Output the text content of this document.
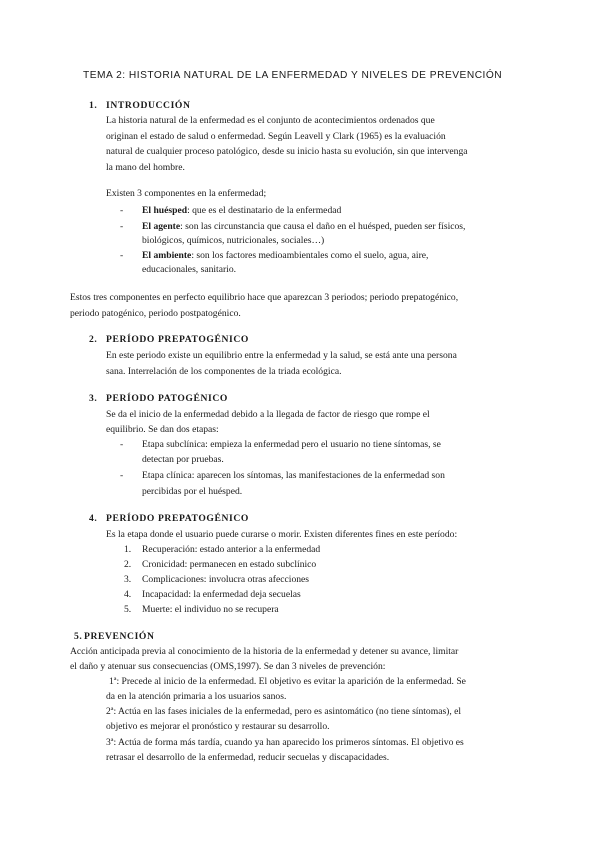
TEMA 2: HISTORIA NATURAL DE LA ENFERMEDAD Y NIVELES DE PREVENCIÓN
1. INTRODUCCIÓN
La historia natural de la enfermedad es el conjunto de acontecimientos ordenados que
originan el estado de salud o enfermedad. Según Leavell y Clark (1965) es la evaluación
natural de cualquier proceso patológico, desde su inicio hasta su evolución, sin que intervenga
la mano del hombre.
Existen 3 componentes en la enfermedad;
- El huésped: que es el destinatario de la enfermedad
- El agente: son las circunstancia que causa el daño en el huésped, pueden ser físicos,
biológicos, químicos, nutricionales, sociales…)
- El ambiente: son los factores medioambientales como el suelo, agua, aire,
educacionales, sanitario.
Estos tres componentes en perfecto equilibrio hace que aparezcan 3 periodos; periodo prepatogénico,
periodo patogénico, periodo postpatogénico.
2. PERÍODO PREPATOGÉNICO
En este periodo existe un equilibrio entre la enfermedad y la salud, se está ante una persona
sana. Interrelación de los componentes de la triada ecológica.
3. PERÍODO PATOGÉNICO
Se da el inicio de la enfermedad debido a la llegada de factor de riesgo que rompe el
equilibrio. Se dan dos etapas:
- Etapa subclínica: empieza la enfermedad pero el usuario no tiene síntomas, se
detectan por pruebas.
- Etapa clínica: aparecen los síntomas, las manifestaciones de la enfermedad son
percibidas por el huésped.
4. PERÍODO PREPATOGÉNICO
Es la etapa donde el usuario puede curarse o morir. Existen diferentes fines en este período:
1. Recuperación: estado anterior a la enfermedad
2. Cronicidad: permanecen en estado subclínico
3. Complicaciones: involucra otras afecciones
4. Incapacidad: la enfermedad deja secuelas
5. Muerte: el individuo no se recupera
5. PREVENCIÓN
Acción anticipada previa al conocimiento de la historia de la enfermedad y detener su avance, limitar
el daño y atenuar sus consecuencias (OMS,1997). Se dan 3 niveles de prevención:
1ª: Precede al inicio de la enfermedad. El objetivo es evitar la aparición de la enfermedad. Se
da en la atención primaria a los usuarios sanos.
2ª: Actúa en las fases iniciales de la enfermedad, pero es asintomático (no tiene síntomas), el
objetivo es mejorar el pronóstico y restaurar su desarrollo.
3ª: Actúa de forma más tardía, cuando ya han aparecido los primeros síntomas. El objetivo es
retrasar el desarrollo de la enfermedad, reducir secuelas y discapacidades.
